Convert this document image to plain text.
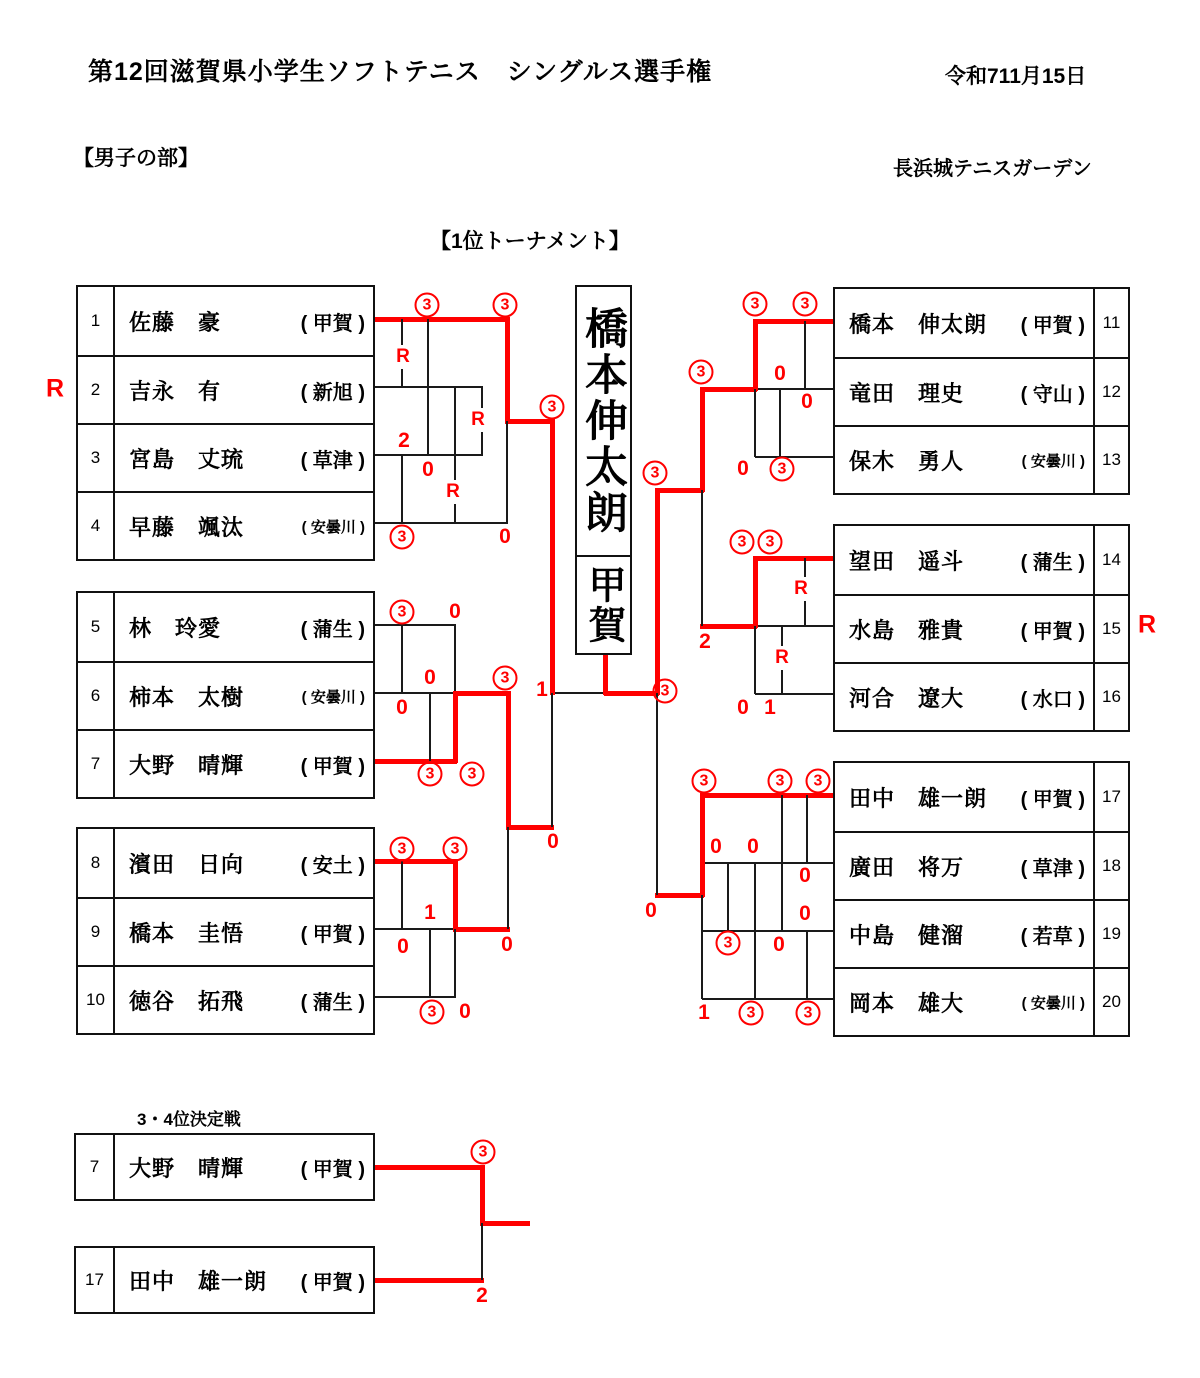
第12回滋賀県小学生ソフトテニス　シングルス選手権	令和711月15日
【男子の部】	長浜城テニスガーデン
【1位トーナメント】
橋本伸太朗
甲賀
3・4位決定戦
1	佐藤　豪	( 甲賀 )
2	吉永　有	( 新旭 )
3	宮島　丈琉	( 草津 )
4	早藤　颯汰	( 安曇川 )
5	林　玲愛	( 蒲生 )
6	柿本　太樹	( 安曇川 )
7	大野　晴輝	( 甲賀 )
8	濱田　日向	( 安土 )
9	橋本　圭悟	( 甲賀 )
10	徳谷　拓飛	( 蒲生 )
橋本　伸太朗 ( 甲賀 )	11
竜田　理史	( 守山 )	12
保木　勇人	( 安曇川 )	13
望田　遥斗	( 蒲生 )	14
水島　雅貴	( 甲賀 )	15
河合　遼大	( 水口 )	16
田中　雄一朗 ( 甲賀 )	17
廣田　将万	( 草津 )	18
中島　健溜	( 若草 )	19
岡本　雄大	( 安曇川 )	20
7	大野　晴輝	( 甲賀 )
17	田中　雄一朗 ( 甲賀 )
3	3
R
2
0
R
R
3	0
3	0
0
0
3	3
3
0
3	3
1
0
3	0
3
0
1	3
3	3
0
0
0	3
3
2
3
0
3	3
R
R
0 1
3	3	3
0 0
0
0
3	0
1	3	3
3
2
R
R
